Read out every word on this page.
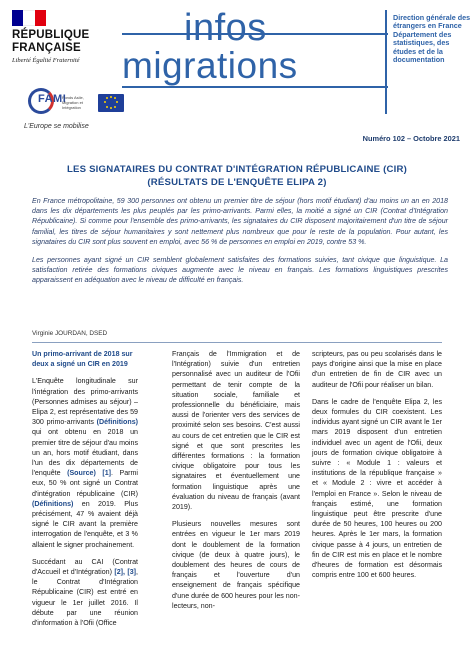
RÉPUBLIQUE FRANÇAISE
Liberté Égalité Fraternité
FAMI
Fonds Asile, Migration et Intégration
L'Europe se mobilise
infos
migrations
Direction générale des étrangers en France Département des statistiques, des études et de la documentation
Numéro 102 – Octobre 2021
LES SIGNATAIRES DU CONTRAT D'INTÉGRATION RÉPUBLICAINE (CIR)
(RÉSULTATS DE L'ENQUÊTE ELIPA 2)

En France métropolitaine, 59 300 personnes ont obtenu un premier titre de séjour (hors motif étudiant) d'au moins un an en 2018 dans les dix départements les plus peuplés par les primo-arrivants. Parmi elles, la moitié a signé un CIR (Contrat d'Intégration Républicaine). Si comme pour l'ensemble des primo-arrivants, les signataires du CIR disposent majoritairement d'un titre de séjour familial, les titres de séjour humanitaires y sont nettement plus nombreux que pour le reste de la population. Pour autant, les signataires du CIR sont plus souvent en emploi, avec 56 % de personnes en emploi en 2019, contre 53 %.

Les personnes ayant signé un CIR semblent globalement satisfaites des formations suivies, tant civique que linguistique. La satisfaction retirée des formations civiques augmente avec le niveau en français. Les formations linguistiques prescrites apparaissent en adéquation avec le niveau de difficulté en français.

Virginie JOURDAN, DSED
Un primo-arrivant de 2018 sur deux a signé un CIR en 2019

L'Enquête longitudinale sur l'intégration des primo-arrivants (Personnes admises au séjour) – Elipa 2, est représentative des 59 300 primo-arrivants (Définitions) qui ont obtenu en 2018 un premier titre de séjour d'au moins un an, hors motif étudiant, dans l'un des dix départements de l'enquête (Source) [1]. Parmi eux, 50 % ont signé un Contrat d'intégration républicaine (CIR) (Définitions) en 2019. Plus précisément, 47 % avaient déjà signé le CIR avant la première interrogation de l'enquête, et 3 % allaient le signer prochainement.

Succédant au CAI (Contrat d'Accueil et d'Intégration) [2], [3], le Contrat d'Intégration Républicaine (CIR) est entré en vigueur le 1er juillet 2016. Il débute par une réunion d'information à l'Ofii (Office

Français de l'Immigration et de l'Intégration) suivie d'un entretien personnalisé avec un auditeur de l'Ofii permettant de tenir compte de la situation sociale, familiale et professionnelle du bénéficiaire, mais aussi de l'orienter vers des services de proximité selon ses besoins. C'est aussi au cours de cet entretien que le CIR est signé et que sont prescrites les différentes formations : la formation civique obligatoire pour tous les signataires et éventuellement une formation linguistique après une évaluation du niveau de français (avant 2019).

Plusieurs nouvelles mesures sont entrées en vigueur le 1er mars 2019 dont le doublement de la formation civique (de deux à quatre jours), le doublement des heures de cours de français et l'ouverture d'un enseignement de français spécifique d'une durée de 600 heures pour les non-lecteurs, non-

scripteurs, pas ou peu scolarisés dans le pays d'origine ainsi que la mise en place d'un entretien de fin de CIR avec un auditeur de l'Ofii pour réaliser un bilan.

Dans le cadre de l'enquête Elipa 2, les deux formules du CIR coexistent. Les individus ayant signé un CIR avant le 1er mars 2019 disposent d'un entretien individuel avec un agent de l'Ofii, deux jours de formation civique obligatoire à suivre : « Module 1 : valeurs et institutions de la république française » et « Module 2 : vivre et accéder à l'emploi en France ». Selon le niveau de français estimé, une formation linguistique peut être prescrite d'une durée de 50 heures, 100 heures ou 200 heures. Après le 1er mars, la formation civique passe à 4 jours, un entretien de fin de CIR est mis en place et le nombre d'heures de formation est désormais compris entre 100 et 600 heures.
